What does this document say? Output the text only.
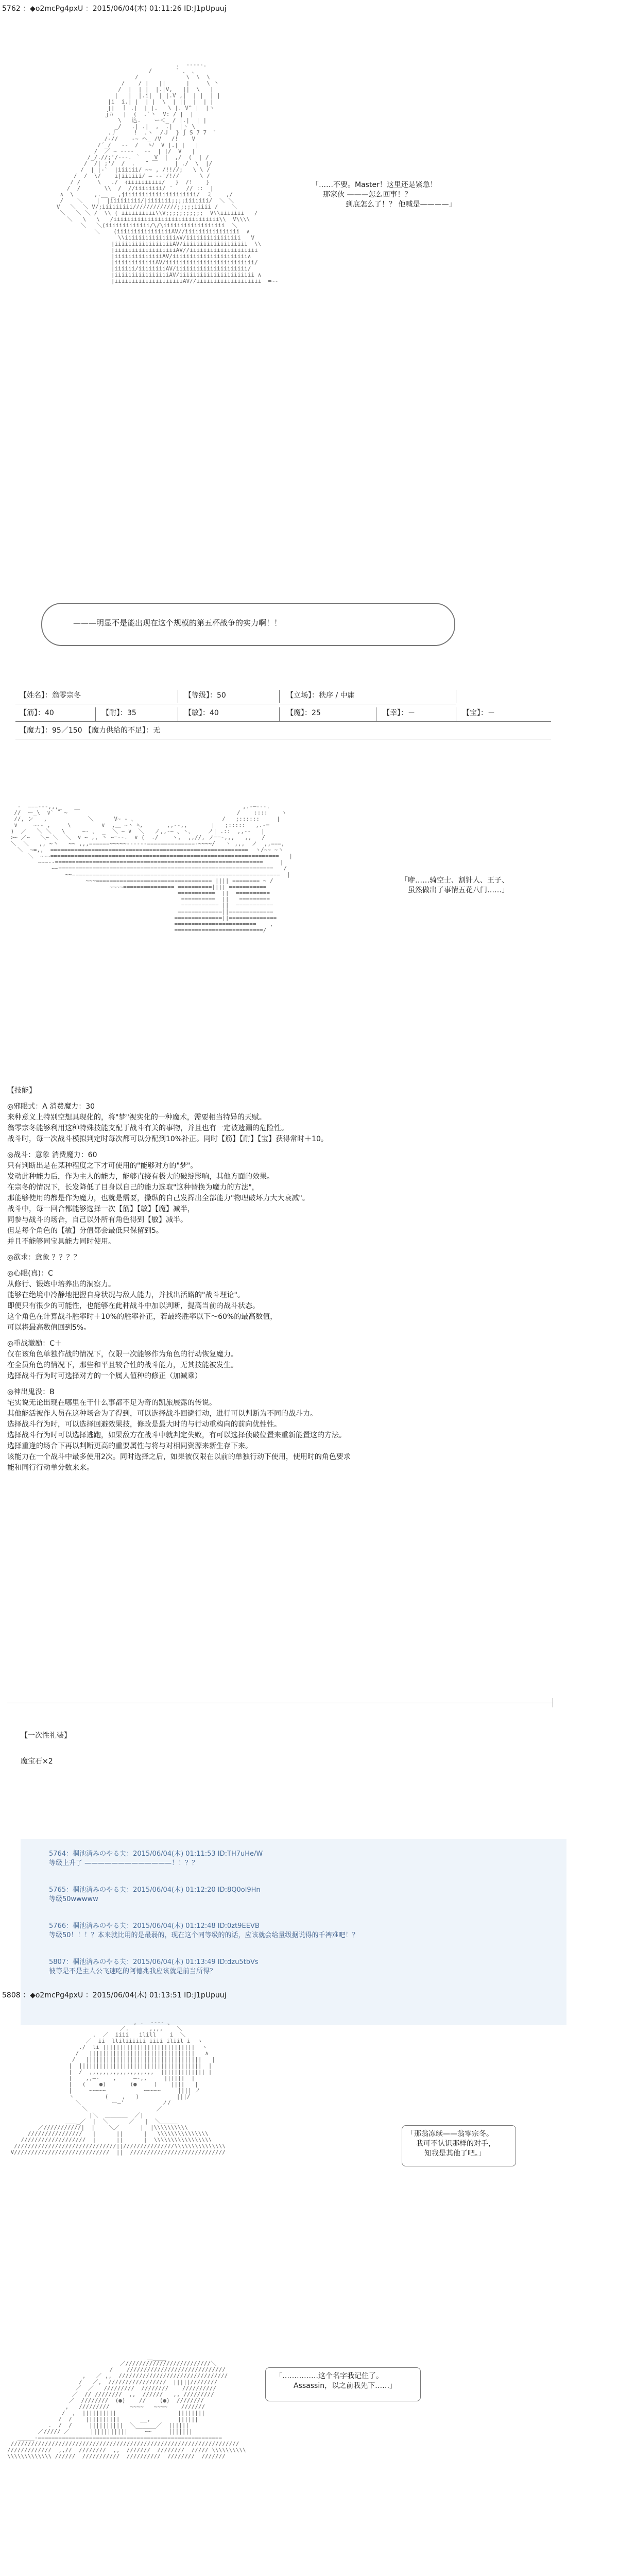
5762 ：◆o2mcPg4pxU ：2015/06/04(木) 01:11:26 ID:J1pUpuuj
.  -----.
/       ` 、 、
/              \  \  \
/    / |   ||      |     \ 丶
/  |  | |  |.|V,   ||  \   |
|   |  |.i|  | |.V ,|  | |  | |
|i  i.| |  | |  \  | ||  |  | |
||  丨 .|  | |.   \ |. V^ |  |丶
ｊﾊ   |  (  .`丶  V: / |  |
\   込.    ー＜_ / |.|  | |
_/   .| .|  ,  .|  |ヽ \
.丿     !  .ヽ  /Ｊ  } ∫ S 7 7  ゛
/‐//    -~ ヘ_ /V   /!    V
/´_/   -‐  /   ﾍﾉ  V |.| |   |
/  ／ ~ --‐-   ‐‐  | |/  V   |
/_/.//;'/‐‐‐. ｀    V  |  ,/  (  | /
/  /| ;'/  /  .   ¨ ￣     | ./  \  |/
/  | |-`  |iiiiii/ ~~ , /!!//;   \ \ /
/  /  \/    i|iiiiii/ ― --'/!//      \ /
/ /     \   ./  ｲiiiiiiiiii/   }  /!    }
/  /       \\  /  //iiiiiiii/ ¨    // ::  |
∧  \      ,.__ _ ,jiiiiiiiiiiiiiiiiiiiii/  ミ    ,/
/    ＼    |  |iiiiiiiii/|iiiiiii;;;;iiiiiii/  ＼ ＼
V   ＼  ＼ V/;iiiiiiiii/////////////;;;;;iiiii /    ＼
＼   ＼ ＼ /  \\ ( iiiiiiiiii\\V;;;;;;;;;;;  V\\iiiiiii   /
＼   \   \   /iiiiiiiiiiiiiiiiiiiiiiiiiiiiiii\\  V\\\\
＼   ＼(iiiiiiiiiiiii/\/\iiiiiiiiiiiiiiiiii  ＼
＼    (iiiiiiiiiiiiiiiiAV//iiiiiiiiiiiiiiii  ∧
\\iiiiiiiiiiiiiii∧V/iiiiiiiiiiiiiiii   V
|iiiiiiiiiiiiiiiiiAV/iiiiiiiiiiiiiiiiiii  \\
|iiiiiiiiiiiiiiiiiiAV//iiiiiiiiiiiiiiiiiiii
|iiiiiiiiiiiiiiAV/iiiiiiiiiiiiiiiiiiiiii∧
|iiiiiiiiiiiiAV/iiiiiiiiiiiiiiiiiiiiiiiiii/
|iiiiii/iiiiiiiiAV/iiiiiiiiiiiiiiiiiiiii/
|iiiiiiiiiiiiiiiiAV/iiiiiiiiiiiiiiiiiiiiii ∧
|iiiiiiiiiiiiiiiiiiiiAV//iiiiiiiiiiiiiiiiiii  =~-
「……不要。Master！这里还是紧急！
那家伙 ———怎么回事！？
到底怎么了！？ 他喊是————」
———明显不是能出现在这个规模的第五杯战争的实力啊！！
【姓名】：翁零宗冬	【等级】：50	【立场】：秩序 / 中庸
【筋】：40	【耐】：35	【敏】：40	【魔】：25	【幸】：－	【宝】：－
【魔力】：95／150 【魔力供给的不足】：无
-  ===---,,,_                                                     ,.-─‐‐‐.
//  ー_\  ∨` ¨ ~  ￣                                              /    ::::    ヽ
//, ン   ,            ＼      V~ ‐ 、                         /   ;::::::     |
∨ 　  ~-- ,     \         ∨  ,＿ ~ヽ ﾍ,       ,,--,,       |   ;:::::   ,.-─
)  ／   ＼ ＼   \     ~- ､  _  ＼ ~ ∨  ＼   ノ,,-~ 、ヽ、    ノ| .::  ,,--   |
>~ ／~   ＼~ ＼  ＼  ∨ ~ ,, 丶 ~=--.  ∨ (  ./    ヽ,  ,,//, ノ==-,,,   ,,   /
＼  ＼   ,, ~丶   ~~ ,,,======~~~~~------==============-~~~~/   ヽ ,,,  ノ  ,,===,
＼  ~=,,  ==========================================================  ヽ/~~ ~丶
＼  ~~~===================================================================   |
~~~--=============================================================     |
~~===============================================================   /
~~=============================================================  |
~~~================================== |||| ======== ~ /
~~~~=============== ==========|||| ===========
===========  ||  ==========
==========  ||   =========
=========== ||  ===========
=============||=============
==============||==============
========================    ,
==========================/
「咿……骑空士、割针人、王子、
虽然做出了事情五花八门……」

【技能】

◎邪眼式：A 消费魔力：30

来种意义上特别空想具现化的，将"梦"视实化的一种魔术，需要相当特异的天赋。

翁零宗冬能够利用这种特殊技能支配于战斗有关的事物，并且也有一定被遗漏的危险性。

战斗时，每一次战斗模拟判定时每次都可以分配到10%补正。同时【筋】【耐】【宝】获得常时＋10。

◎战斗：意象 消费魔力：60

只有判断出是在某种程度之下才可使用的"能够对方的"梦"。

发动此种能力后，作为主人的能力，能够直接有极大的破绽影响，其他方面的效果。

在宗冬的情况下，长发降低了目身以自己的能力选取"这种替换为魔力的方法"，

那能够使用的都是作为魔力，也就是需要，操纵的自己发挥出全部能力"物理破坏力大大衰减"。

战斗中，每一回合都能够选择一次【筋】【敏】【魔】减半，

同参与战斗的场合，自己以外所有角色得到【敏】减半。

但是每个角色的【敏】分值都会最低只保留到5。

并且不能够同宝具能力同时使用。

◎欲求：意象 ？？？？

◎心眼(真)：C

从修行、锻炼中培养出的洞察力。

能够在绝境中冷静地把握自身状况与敌人能力，并找出活路的"战斗理论"。

即便只有很少的可能性，也能够在此种战斗中加以判断，提高当前的战斗状态。

这个角色在计算战斗胜率时＋10%的胜率补正，若最终胜率以下～60%的最高数值，

可以将最高数值回到5%。

◎重战激励：C＋

仅在该角色单独作战的情况下，仅限一次能够作为角色的行动恢复魔力。

在全员角色的情况下，那些和平且较合性的战斗能力，无其技能被发生。

选择战斗行为时可选择对方的一个属人值种的修正（加减乘）

◎神出鬼没：B

宅实说无论出现在哪里在干什么事都不足为奇的凯旅展露的传说。

其他能活被作人员在这种场合为了得到，可以选择战斗回避行动，进行可以判断为不同的战斗力。

选择战斗行为时，可以选择回避效果技，修改是最大时的与行动重构向的前向优性性。

选择战斗行为时可以选择逃跑，如果敌方在战斗中就判定失败，有可以选择侦破位置来重新能置这的方法。

选择重逢的场合下再以判断更高的重要属性与将与对相同资源来新生存下来。

该能力在一个战斗中最多使用2次。同时选择之后，如果被仅限在以前的单独行动下使用，使用时的角色要求

能和同行行动单分数来来。

【一次性礼装】
魔宝石×2
5764：桐池済みのやる夫：2015/06/04(木) 01:11:53 ID:TH7uHe/W
等级上升了 —————————————！！？？
5765：桐池済みのやる夫：2015/06/04(木) 01:12:20 ID:8Q0ol9Hn
等级50wwwww
5766：桐池済みのやる夫：2015/06/04(木) 01:12:48 ID:0zt9EEVB
等级50！！！？本来就比用的是最弱的，现在这个同等级的的话，应该就会给量级据说得的千裨难吧！？
5807：桐池済みのやる夫：2015/06/04(木) 01:13:49 ID:dzu5tbVs
彼等是不是主人公飞速吃的阿德兆我应该就是前当所得？
5808 ：◆o2mcPg4pxU ：2015/06/04(木) 01:13:51 ID:J1pUpuuj
, .  -‐‐- 、
／.      ,,,,    ＼
.  ／  iiii   ilill    i  ＼
／  ii  lliliiiiii iiii iliil i  ヽ
./  li |||||||||||||||||||||||||||  ヽ
/   |||||||||||||||||||||||||||||||   ∧
/   ||||||||||||||||||||||||||||||||||   |
|  ||||||||||||||||||||||||||||||||||||  |
|  /  ,,,,,,,,,,,,,,,,,,,  ||||||||||||| |
|    ,,―-    ,     ―-,,     ||||||  |
|   (    ●)       (●     )    ||||   |
|     ~~~~~           ~~~~~     |||| ノ
ヽ         (    ,   )           |||/
＼         ー―'           ノ/
＼                    ／
|＼  ＿＿＿＿  ／|
＿＿_／  |  ＼      ／   |  ＼＿＿＿
／///////////|  |    ＼／      |  |\\\\\\\\\\
////////////////   |      ||      |   \\\\\\\\\\\\\\\
///////////////////  |      ||      |  \\\\\\\\\\\\\\\\\
//////////////////////////////||///////////////\\\\\\\\\\\\\\\
V////////////////////////////  ||  ////////////////////////////
「那翁冻续——翁零宗冬。
我可不认识那样的对手，
知我是其他了吧。」
＿____
／/////////////////////////＼
/    /////////////////////////////
,   ／ ,,  ////////////////////////////////
/   ／,  /////////////////  |||||////////
／  ／   /////////  ////////    //////////
／  // ////////  ,,  //////   ,, /////////
／  ////////  (●)    //    (●)  ////////
,   /////////      ~~~~   ~~~~    ///////
/  ,  ||||||||||                  ||||||||
/  /    ||||||||||      __,        ||||||
.  /  /     ||||||||||  ＼______／  ||||||
／///// ／      |||||||||||     ~~     |||||||
＿＿＿-======================================================
///////////////////////////////////////////////////////////////////
/////////////  ,,//  ////////  ,,  ///////  ////////  ///// \\\\\\\\\\
\\\\\\\\\\\\\ //////  ///////////  //////////  ////////  ///////
「……………这个名字我记住了。
Assassin，以之前我先下……」
